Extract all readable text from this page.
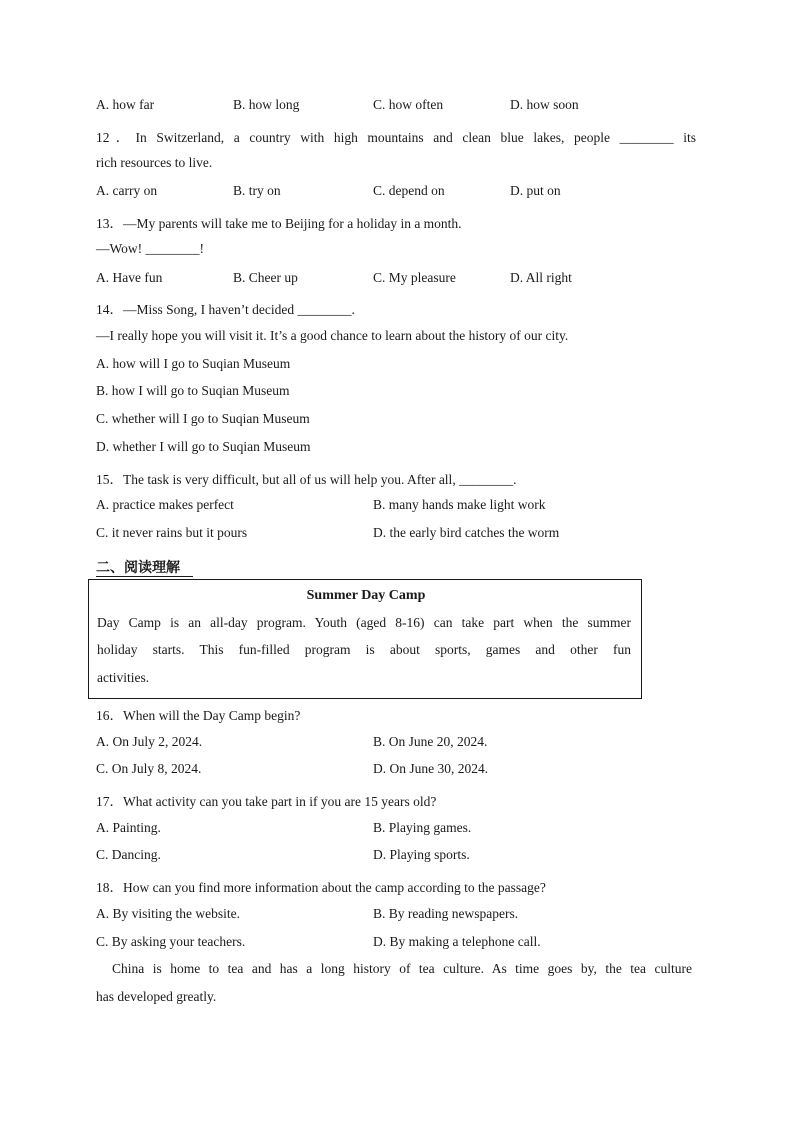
A. how far	B. how long	C. how often	D. how soon
12．In Switzerland, a country with high mountains and clean blue lakes, people ________ its
rich resources to live.
A. carry on	B. try on	C. depend on	D. put on
13．—My parents will take me to Beijing for a holiday in a month.
—Wow! ________!
A. Have fun	B. Cheer up	C. My pleasure	D. All right
14．—Miss Song, I haven’t decided ________.
—I really hope you will visit it. It’s a good chance to learn about the history of our city.
A. how will I go to Suqian Museum
B. how I will go to Suqian Museum
C. whether will I go to Suqian Museum
D. whether I will go to Suqian Museum
15．The task is very difficult, but all of us will help you. After all, ________.
A. practice makes perfect	B. many hands make light work
C. it never rains but it pours	D. the early bird catches the worm
二、阅读理解
Summer Day Camp
Day Camp is an all-day program. Youth (aged 8-16) can take part when the summer
holiday starts. This fun-filled program is about sports, games and other fun
activities.
16．When will the Day Camp begin?
A. On July 2, 2024.	B. On June 20, 2024.
C. On July 8, 2024.	D. On June 30, 2024.
17．What activity can you take part in if you are 15 years old?
A. Painting.	B. Playing games.
C. Dancing.	D. Playing sports.
18．How can you find more information about the camp according to the passage?
A. By visiting the website.	B. By reading newspapers.
C. By asking your teachers.	D. By making a telephone call.
China is home to tea and has a long history of tea culture. As time goes by, the tea culture
has developed greatly.
